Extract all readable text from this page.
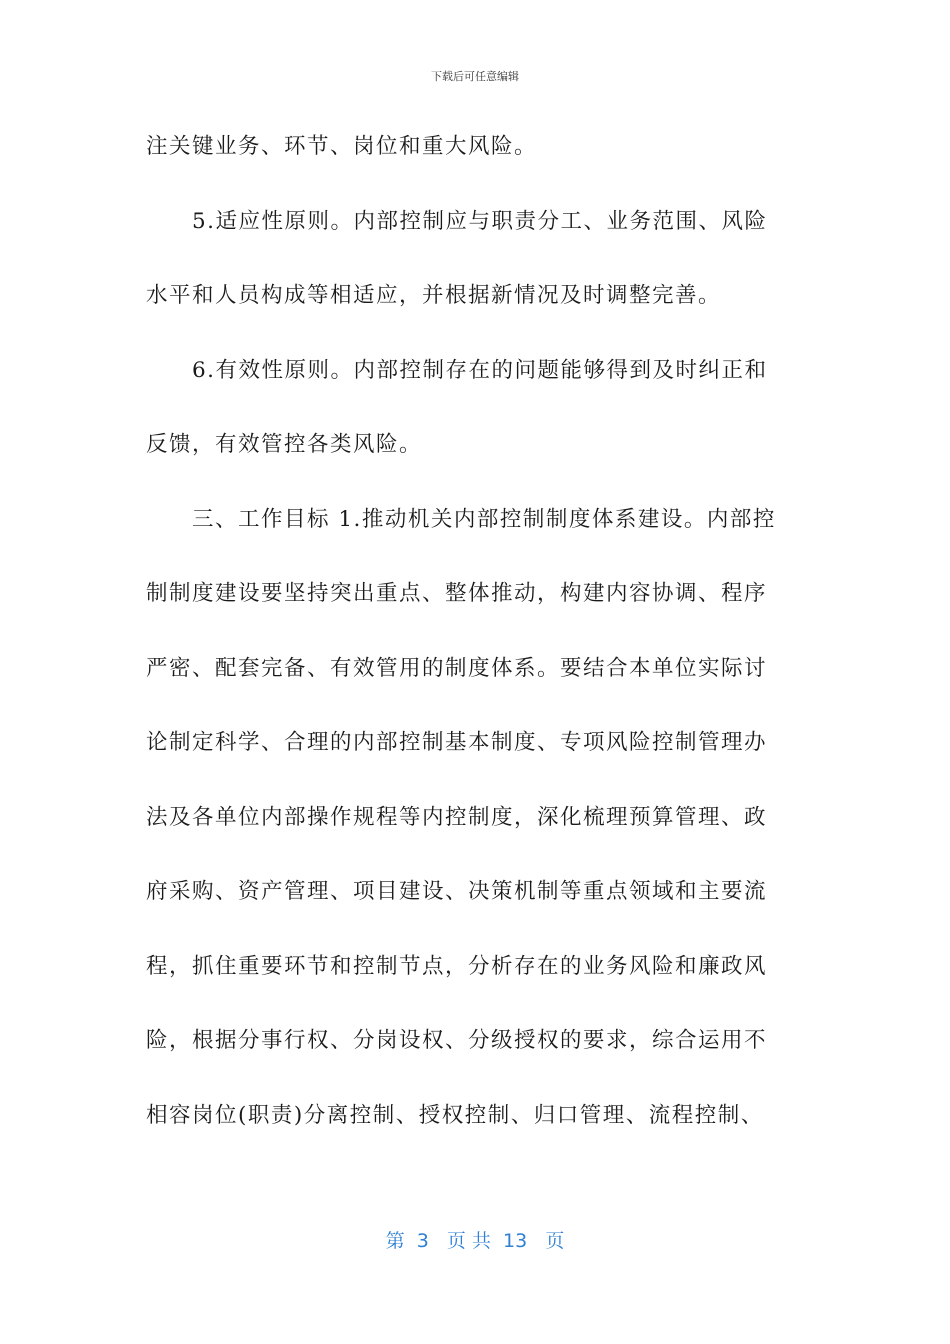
下载后可任意编辑
注关键业务、环节、岗位和重大风险。
5.适应性原则。内部控制应与职责分工、业务范围、风险
水平和人员构成等相适应，并根据新情况及时调整完善。
6.有效性原则。内部控制存在的问题能够得到及时纠正和
反馈，有效管控各类风险。
三、工作目标 1.推动机关内部控制制度体系建设。内部控
制制度建设要坚持突出重点、整体推动，构建内容协调、程序
严密、配套完备、有效管用的制度体系。要结合本单位实际讨
论制定科学、合理的内部控制基本制度、专项风险控制管理办
法及各单位内部操作规程等内控制度，深化梳理预算管理、政
府采购、资产管理、项目建设、决策机制等重点领域和主要流
程，抓住重要环节和控制节点，分析存在的业务风险和廉政风
险，根据分事行权、分岗设权、分级授权的要求，综合运用不
相容岗位(职责)分离控制、授权控制、归口管理、流程控制、
第  3   页 共  13   页
